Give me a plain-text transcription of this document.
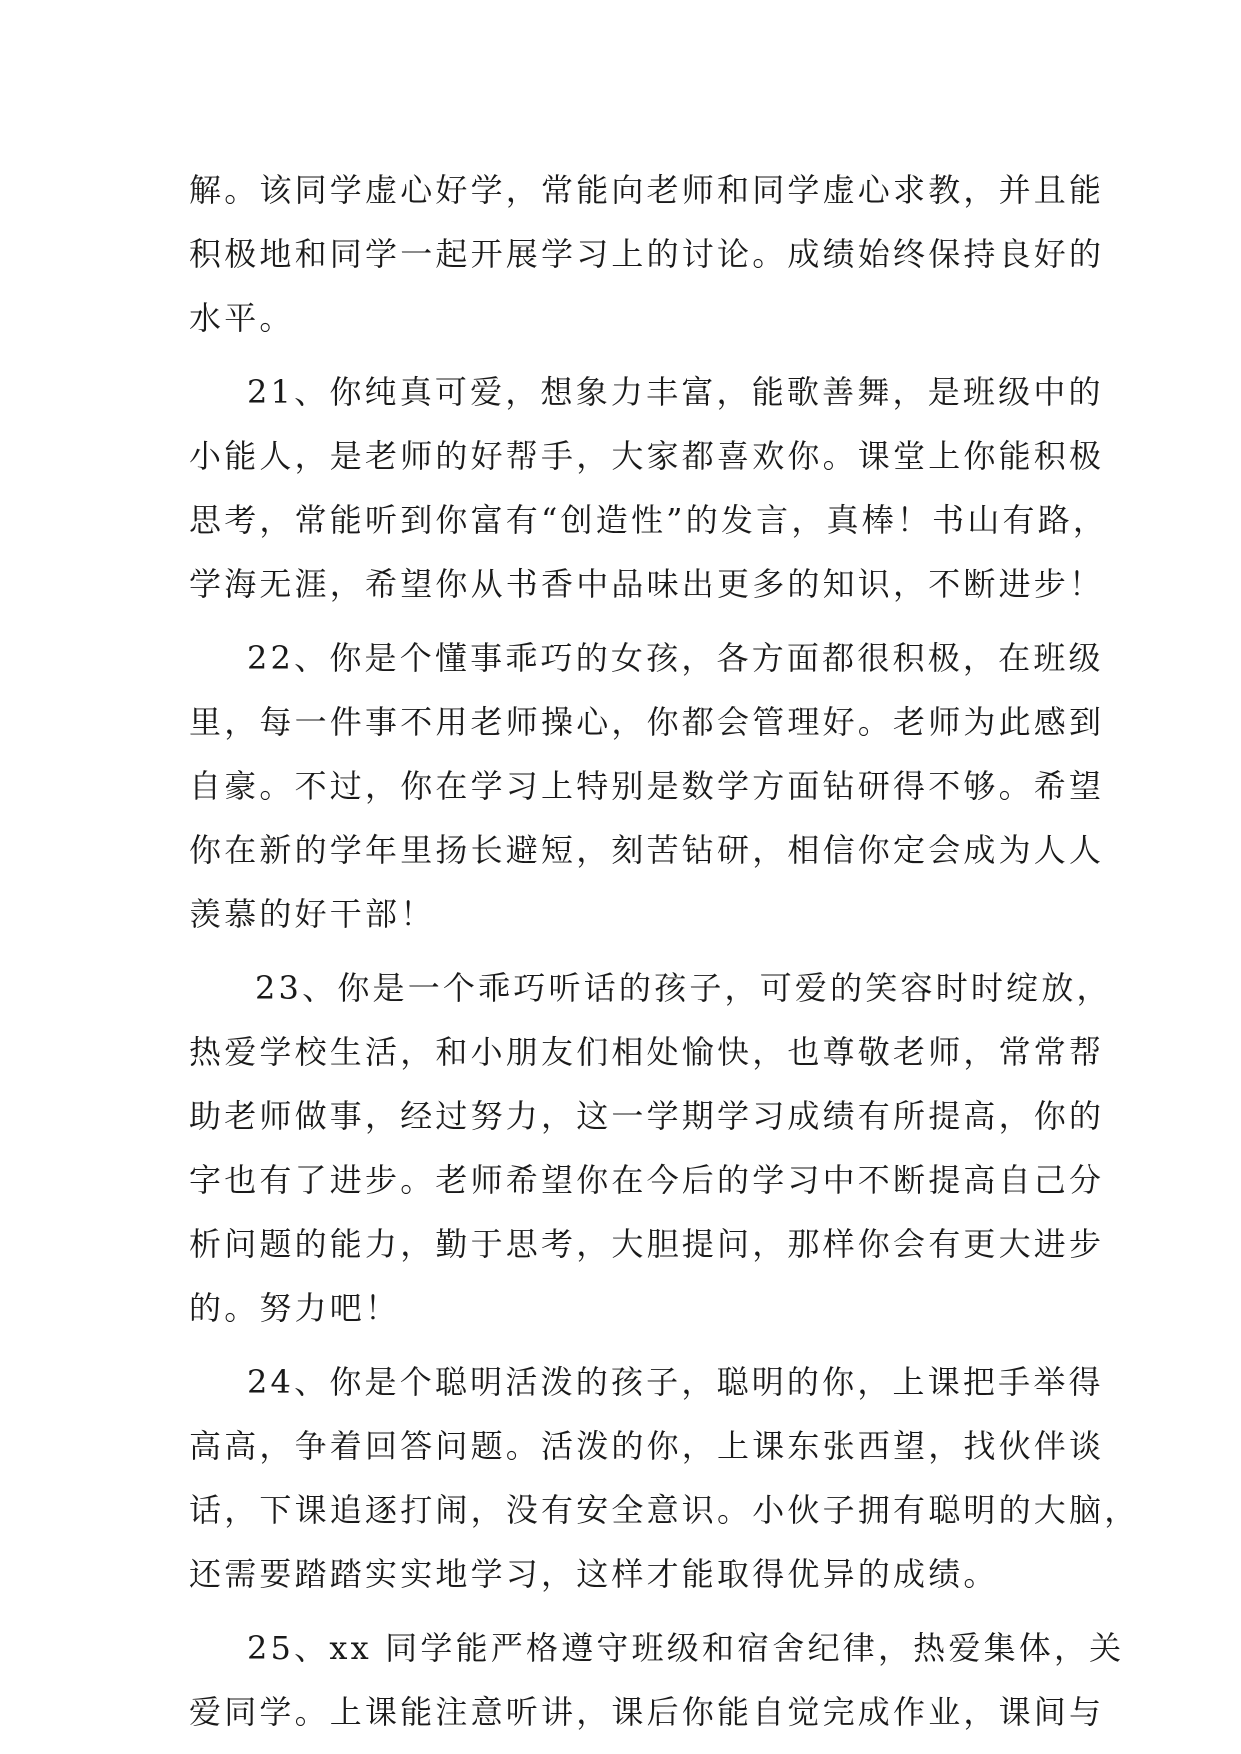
解。该同学虚心好学，常能向老师和同学虚心求教，并且能
积极地和同学一起开展学习上的讨论。成绩始终保持良好的
水平。
21、你纯真可爱，想象力丰富，能歌善舞，是班级中的
小能人，是老师的好帮手，大家都喜欢你。课堂上你能积极
思考，常能听到你富有“创造性”的发言，真棒！书山有路，
学海无涯，希望你从书香中品味出更多的知识，不断进步！
22、你是个懂事乖巧的女孩，各方面都很积极，在班级
里，每一件事不用老师操心，你都会管理好。老师为此感到
自豪。不过，你在学习上特别是数学方面钻研得不够。希望
你在新的学年里扬长避短，刻苦钻研，相信你定会成为人人
羡慕的好干部！
23、你是一个乖巧听话的孩子，可爱的笑容时时绽放，
热爱学校生活，和小朋友们相处愉快，也尊敬老师，常常帮
助老师做事，经过努力，这一学期学习成绩有所提高，你的
字也有了进步。老师希望你在今后的学习中不断提高自己分
析问题的能力，勤于思考，大胆提问，那样你会有更大进步
的。努力吧！
24、你是个聪明活泼的孩子，聪明的你，上课把手举得
高高，争着回答问题。活泼的你，上课东张西望，找伙伴谈
话，下课追逐打闹，没有安全意识。小伙子拥有聪明的大脑，
还需要踏踏实实地学习，这样才能取得优异的成绩。
25、xx 同学能严格遵守班级和宿舍纪律，热爱集体，关
爱同学。上课能注意听讲，课后你能自觉完成作业，课间与
